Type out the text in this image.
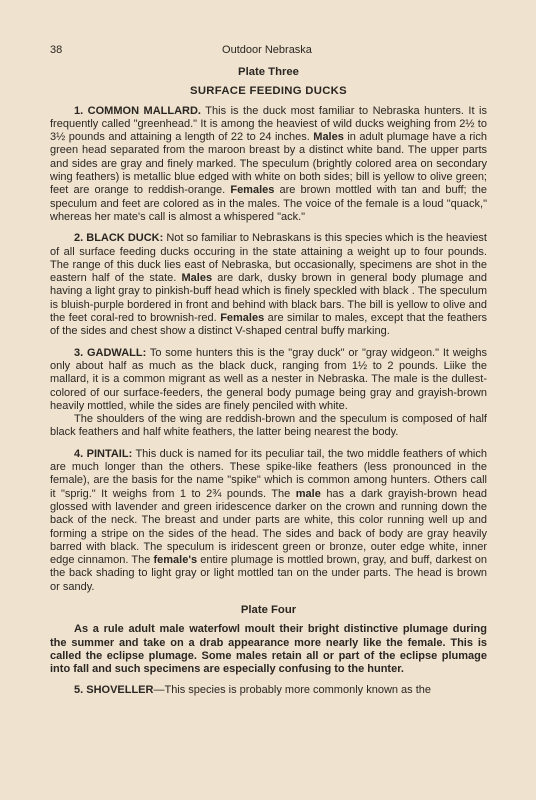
38	Outdoor Nebraska
Plate Three
SURFACE FEEDING DUCKS

1. COMMON MALLARD. This is the duck most familiar to Nebraska hunters. It is frequently called "greenhead." It is among the heaviest of wild ducks weighing from 2½ to 3½ pounds and attaining a length of 22 to 24 inches. Males in adult plumage have a rich green head separated from the maroon breast by a distinct white band. The upper parts and sides are gray and finely marked. The speculum (brightly colored area on secondary wing feathers) is metallic blue edged with white on both sides; bill is yellow to olive green; feet are orange to reddish-orange. Females are brown mottled with tan and buff; the speculum and feet are colored as in the males. The voice of the female is a loud "quack," whereas her mate's call is almost a whispered "ack."

2. BLACK DUCK: Not so familiar to Nebraskans is this species which is the heaviest of all surface feeding ducks occuring in the state attaining a weight up to four pounds. The range of this duck lies east of Nebraska, but occasionally, specimens are shot in the eastern half of the state. Males are dark, dusky brown in general body plumage and having a light gray to pinkish-buff head which is finely speckled with black . The speculum is bluish-purple bordered in front and behind with black bars. The bill is yellow to olive and the feet coral-red to brownish-red. Females are similar to males, except that the feathers of the sides and chest show a distinct V-shaped central buffy marking.

3. GADWALL: To some hunters this is the "gray duck" or "gray widgeon." It weighs only about half as much as the black duck, ranging from 1½ to 2 pounds. Liike the mallard, it is a common migrant as well as a nester in Nebraska. The male is the dullest-colored of our surface-feeders, the general body pumage being gray and grayish-brown heavily mottled, while the sides are finely penciled with white.

The shoulders of the wing are reddish-brown and the speculum is composed of half black feathers and half white feathers, the latter being nearest the body.

4. PINTAIL: This duck is named for its peculiar tail, the two middle feathers of which are much longer than the others. These spike-like feathers (less pronounced in the female), are the basis for the name "spike" which is common among hunters. Others call it "sprig." It weighs from 1 to 2¾ pounds. The male has a dark grayish-brown head glossed with lavender and green iridescence darker on the crown and running down the back of the neck. The breast and under parts are white, this color running well up and forming a stripe on the sides of the head. The sides and back of body are gray heavily barred with black. The speculum is iridescent green or bronze, outer edge white, inner edge cinnamon. The female's entire plumage is mottled brown, gray, and buff, darkest on the back shading to light gray or light mottled tan on the under parts. The head is brown or sandy.

Plate Four

As a rule adult male waterfowl moult their bright distinctive plumage during the summer and take on a drab appearance more nearly like the female. This is called the eclipse plumage. Some males retain all or part of the eclipse plumage into fall and such specimens are especially confusing to the hunter.

5. SHOVELLER—This species is probably more commonly known as the
